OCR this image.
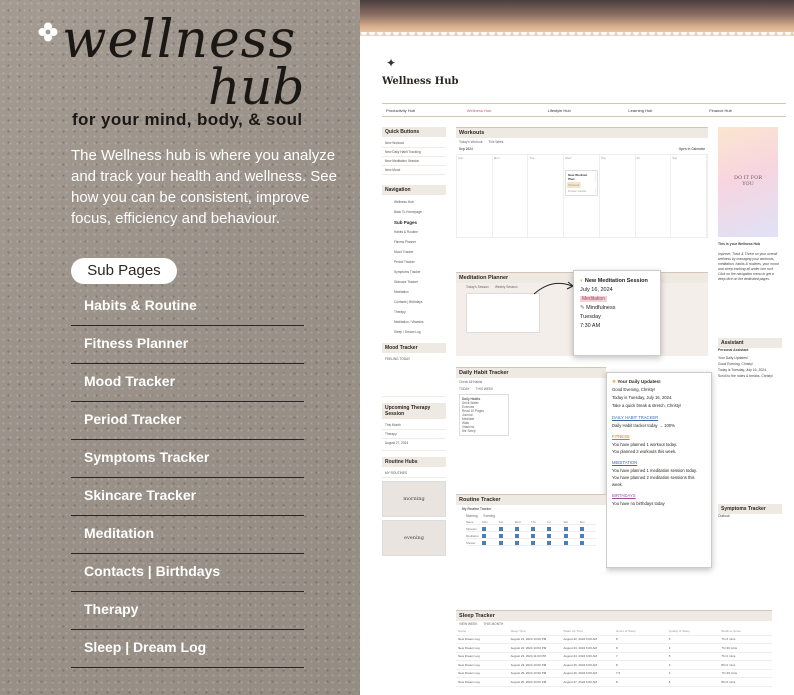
wellness
hub
for your mind, body, & soul
The Wellness hub is where you analyze and track your health and wellness. See how you can be consistent, improve focus, efficiency and behaviour.
Sub Pages
Habits & Routine
Fitness Planner
Mood Tracker
Period Tracker
Symptoms Tracker
Skincare Tracker
Meditation
Contacts | Birthdays
Therapy
Sleep | Dream Log
✦
Wellness Hub
Productivity Hub	Wellness Hub	Lifestyle Hub	Learning Hub	Finance Hub
Quick Buttons
New Workout
New Daily Habit Tracking
New Meditation Session
New Mood
Navigation
Wellness Hub
Back To Homepage
Sub Pages
Habits & Routine
Fitness Planner
Mood Tracker
Period Tracker
Symptoms Tracker
Skincare Tracker
Meditation
Contacts | Birthdays
Therapy
Meditation / Vitamins
Sleep / Dream Log
Mood Tracker
FEELING TODAY
Upcoming Therapy Session
This Month
Therapy
August 27, 2024
Routine Hubs
MY ROUTINES
morning
evening
Workouts
Today's Workout This Week
Sep 2024	Open in Calendar
Sun	Mon	Tue	Wed
New Workout Plan
Workout
Power Cardio
Thu	Fri	Sat
DO IT FOR YOU
This is your Wellness Hub
Improve, Track & Thrive on your overall wellness by managing your workouts, meditation, habits & routines, your mood and sleep tracking all under one roof. Click on the navigation menu to get a deep dive on the dedicated pages.
Meditation Planner
Today's Session Weekly Session
◐ New Meditation Session
July 16, 2024
Meditation
✎ Mindfulness
Tuesday
7:30 AM
Assistant
Personal Assistant
Your Daily Updates!
Good Evening, Christy!
Today is Tuesday, July 16, 2024.
Scroll to the notes & breaks, Christy!
Symptoms Tracker
Outlook
Daily Habit Tracker
Check All Habits
TODAY THIS WEEK
Daily Habits
Drink Water
Exercise
Read 10 Pages
Journal
Meditate
Walk
Vitamins
8hr Sleep
☀ Your Daily Updates!
Good Evening, Christy!
Today is Tuesday, July 16, 2024.
Take a quick break & stretch, Christy!
DAILY HABIT TRACKER
Daily Habit tracker today → 100%
FITNESS
You have planned 1 workout today.
You planned 2 workouts this week.
MEDITATION
You have planned 1 meditation session today.
You have planned 2 meditation sessions this week.
BIRTHDAYS
You have no birthdays today
Routine Tracker
My Routine Tracker
Morning Evening
Name	Mon	Tue	Wed	Thu	Fri	Sat	Sun
Skincare
Meditation
Shower
Sleep Tracker
VIEW WEEK THIS MONTH
Name	Sleep Time	Wake Up Time	Hours of Sleep	Quality of Sleep	Bedtime Score
New Dream Log	August 21, 2024 10:00 PM	August 22, 2024 6:00 AM	8	5	7hr 0 mins
New Dream Log	August 22, 2024 10:00 PM	August 23, 2024 6:00 AM	8	4	7hr 30 mins
New Dream Log	August 23, 2024 11:00 PM	August 24, 2024 6:00 AM	7	5	7hr 0 mins
New Dream Log	August 24, 2024 10:00 PM	August 25, 2024 6:00 AM	8	3	8hr 0 mins
New Dream Log	August 25, 2024 10:30 PM	August 26, 2024 6:00 AM	7.5	4	7hr 30 mins
New Dream Log	August 26, 2024 10:00 PM	August 27, 2024 6:00 AM	8	5	8hr 0 mins
